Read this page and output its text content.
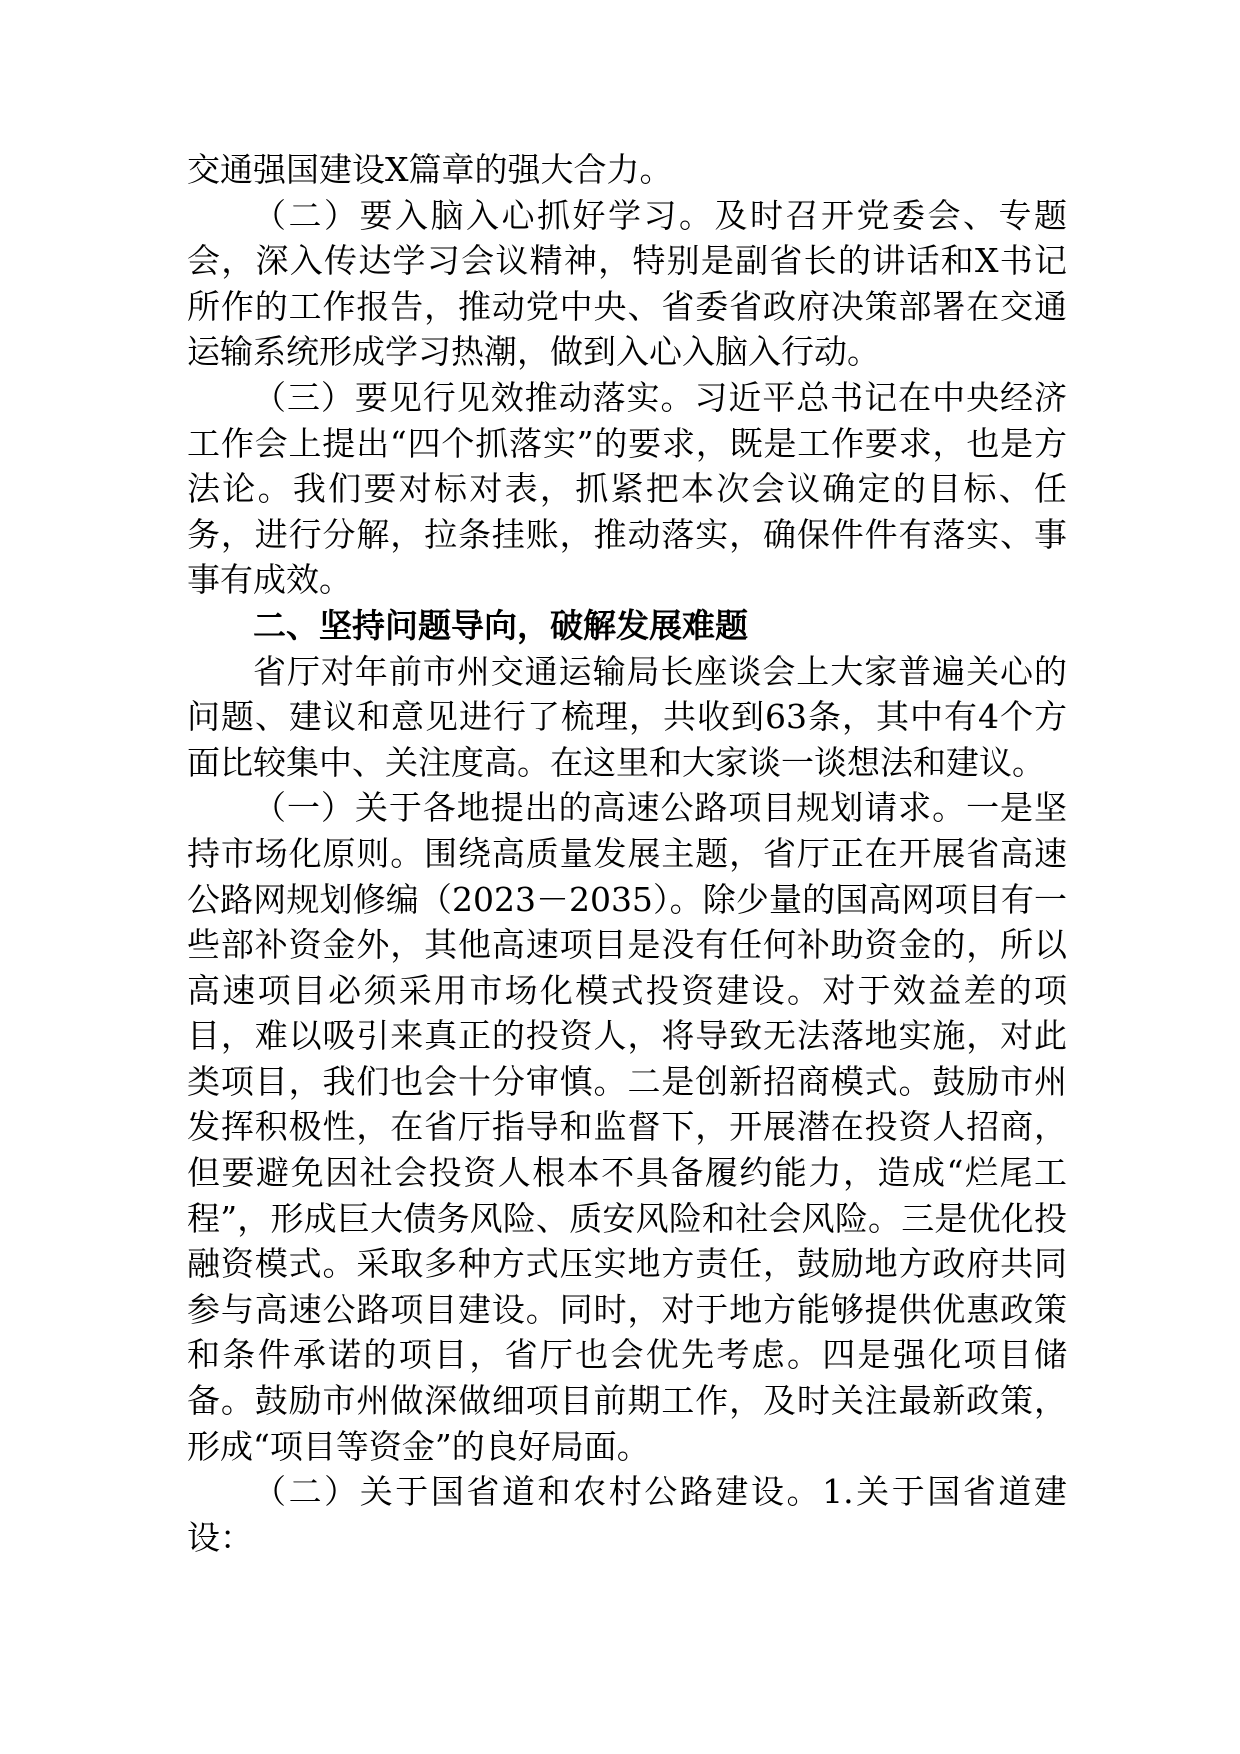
交通强国建设X篇章的强大合力。

（二）要入脑入心抓好学习。及时召开党委会、专题会，深入传达学习会议精神，特别是副省长的讲话和X书记所作的工作报告，推动党中央、省委省政府决策部署在交通运输系统形成学习热潮，做到入心入脑入行动。

（三）要见行见效推动落实。习近平总书记在中央经济工作会上提出“四个抓落实”的要求，既是工作要求，也是方法论。我们要对标对表，抓紧把本次会议确定的目标、任务，进行分解，拉条挂账，推动落实，确保件件有落实、事事有成效。

二、坚持问题导向，破解发展难题

省厅对年前市州交通运输局长座谈会上大家普遍关心的问题、建议和意见进行了梳理，共收到63条，其中有4个方面比较集中、关注度高。在这里和大家谈一谈想法和建议。

（一）关于各地提出的高速公路项目规划请求。一是坚持市场化原则。围绕高质量发展主题，省厅正在开展省高速公路网规划修编（2023－2035）。除少量的国高网项目有一些部补资金外，其他高速项目是没有任何补助资金的，所以高速项目必须采用市场化模式投资建设。对于效益差的项目，难以吸引来真正的投资人，将导致无法落地实施，对此类项目，我们也会十分审慎。二是创新招商模式。鼓励市州发挥积极性，在省厅指导和监督下，开展潜在投资人招商，但要避免因社会投资人根本不具备履约能力，造成“烂尾工程”，形成巨大债务风险、质安风险和社会风险。三是优化投融资模式。采取多种方式压实地方责任，鼓励地方政府共同参与高速公路项目建设。同时，对于地方能够提供优惠政策和条件承诺的项目，省厅也会优先考虑。四是强化项目储备。鼓励市州做深做细项目前期工作，及时关注最新政策，形成“项目等资金”的良好局面。

（二）关于国省道和农村公路建设。1.关于国省道建设：
